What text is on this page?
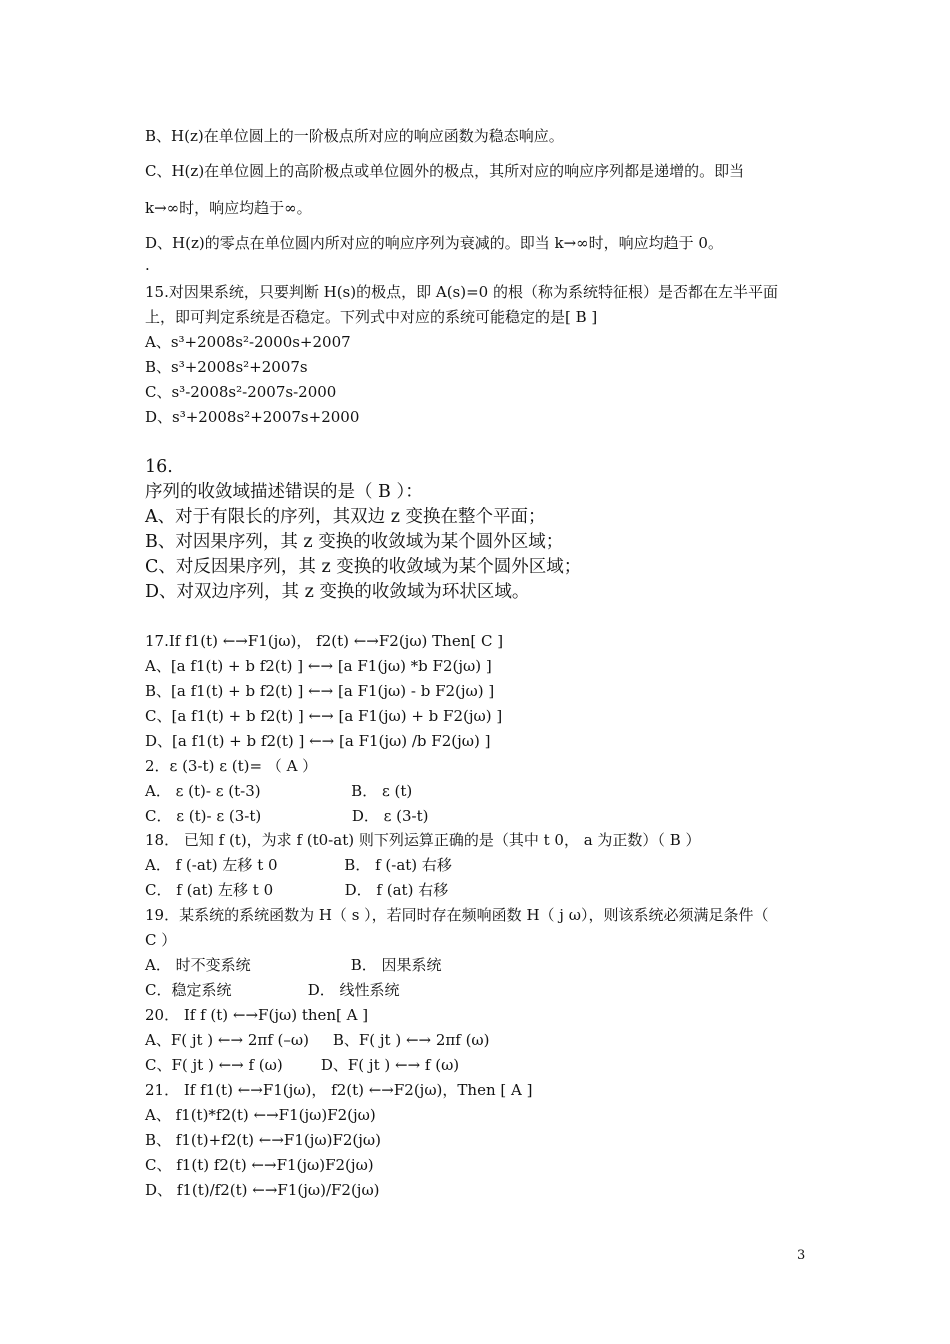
B、H(z)在单位圆上的一阶极点所对应的响应函数为稳态响应。
C、H(z)在单位圆上的高阶极点或单位圆外的极点，其所对应的响应序列都是递增的。即当
k→∞时，响应均趋于∞。
D、H(z)的零点在单位圆内所对应的响应序列为衰减的。即当 k→∞时，响应均趋于 0。
.
15.对因果系统，只要判断 H(s)的极点，即 A(s)=0 的根（称为系统特征根）是否都在左半平面
上，即可判定系统是否稳定。下列式中对应的系统可能稳定的是[ B ]
A、s³+2008s²-2000s+2007
B、s³+2008s²+2007s
C、s³-2008s²-2007s-2000
D、s³+2008s²+2007s+2000
16.
序列的收敛域描述错误的是（ B ）：
A、对于有限长的序列，其双边 z 变换在整个平面；
B、对因果序列，其 z 变换的收敛域为某个圆外区域；
C、对反因果序列，其 z 变换的收敛域为某个圆外区域；
D、对双边序列，其 z 变换的收敛域为环状区域。
17.If f1(t) ←→F1(jω)， f2(t) ←→F2(jω) Then[ C ]
A、[a f1(t) + b f2(t) ] ←→ [a F1(jω) *b F2(jω) ]
B、[a f1(t) + b f2(t) ] ←→ [a F1(jω) - b F2(jω) ]
C、[a f1(t) + b f2(t) ] ←→ [a F1(jω) + b F2(jω) ]
D、[a f1(t) + b f2(t) ] ←→ [a F1(jω) /b F2(jω) ]
2．ε (3-t) ε (t)= （ A ）
A． ε (t)- ε (t-3)                   B． ε (t)
C． ε (t)- ε (3-t)                   D． ε (3-t)
18． 已知 f (t)，为求 f (t0-at) 则下列运算正确的是（其中 t 0， a 为正数）（ B ）
A． f (-at) 左移 t 0              B． f (-at) 右移
C． f (at) 左移 t 0               D． f (at) 右移
19．某系统的系统函数为 H（ s ），若同时存在频响函数 H（ j ω），则该系统必须满足条件（
C ）
A． 时不变系统                     B． 因果系统
C．稳定系统                D． 线性系统
20． If f (t) ←→F(jω) then[ A ]
A、F( jt ) ←→ 2πf (–ω)     B、F( jt ) ←→ 2πf (ω)
C、F( jt ) ←→ f (ω)        D、F( jt ) ←→ f (ω)
21． If f1(t) ←→F1(jω)， f2(t) ←→F2(jω)，Then [ A ]
A、 f1(t)*f2(t) ←→F1(jω)F2(jω)
B、 f1(t)+f2(t) ←→F1(jω)F2(jω)
C、 f1(t) f2(t) ←→F1(jω)F2(jω)
D、 f1(t)/f2(t) ←→F1(jω)/F2(jω)
3
